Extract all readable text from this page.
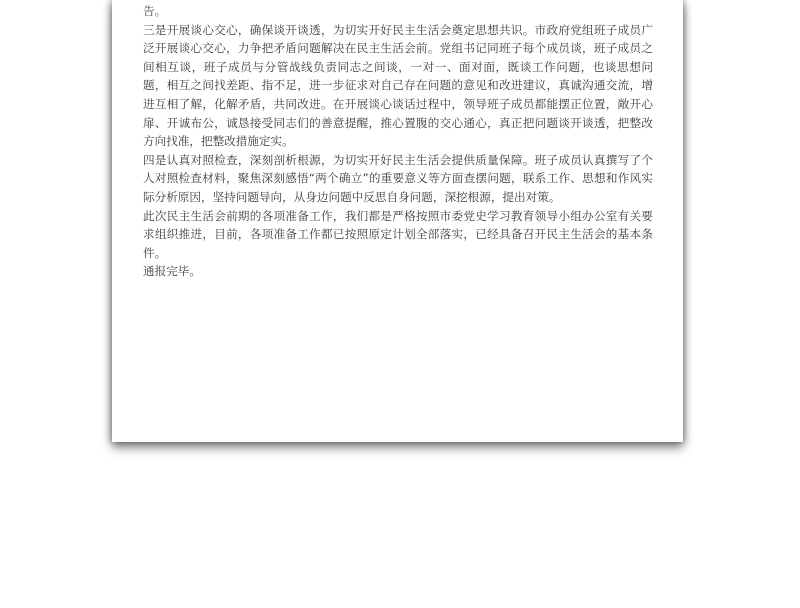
告。

三是开展谈心交心，确保谈开谈透，为切实开好民主生活会奠定思想共识。市政府党组班子成员广泛开展谈心交心，力争把矛盾问题解决在民主生活会前。党组书记同班子每个成员谈，班子成员之间相互谈，班子成员与分管战线负责同志之间谈，一对一、面对面，既谈工作问题，也谈思想问题，相互之间找差距、指不足，进一步征求对自己存在问题的意见和改进建议，真诚沟通交流，增进互相了解，化解矛盾，共同改进。在开展谈心谈话过程中，领导班子成员都能摆正位置，敞开心扉、开诚布公，诚恳接受同志们的善意提醒，推心置腹的交心通心，真正把问题谈开谈透，把整改方向找准，把整改措施定实。

四是认真对照检查，深刻剖析根源，为切实开好民主生活会提供质量保障。班子成员认真撰写了个人对照检查材料，聚焦深刻感悟“两个确立”的重要意义等方面查摆问题，联系工作、思想和作风实际分析原因，坚持问题导向，从身边问题中反思自身问题，深挖根源，提出对策。

此次民主生活会前期的各项准备工作，我们都是严格按照市委党史学习教育领导小组办公室有关要求组织推进，目前，各项准备工作都已按照原定计划全部落实，已经具备召开民主生活会的基本条件。

通报完毕。
